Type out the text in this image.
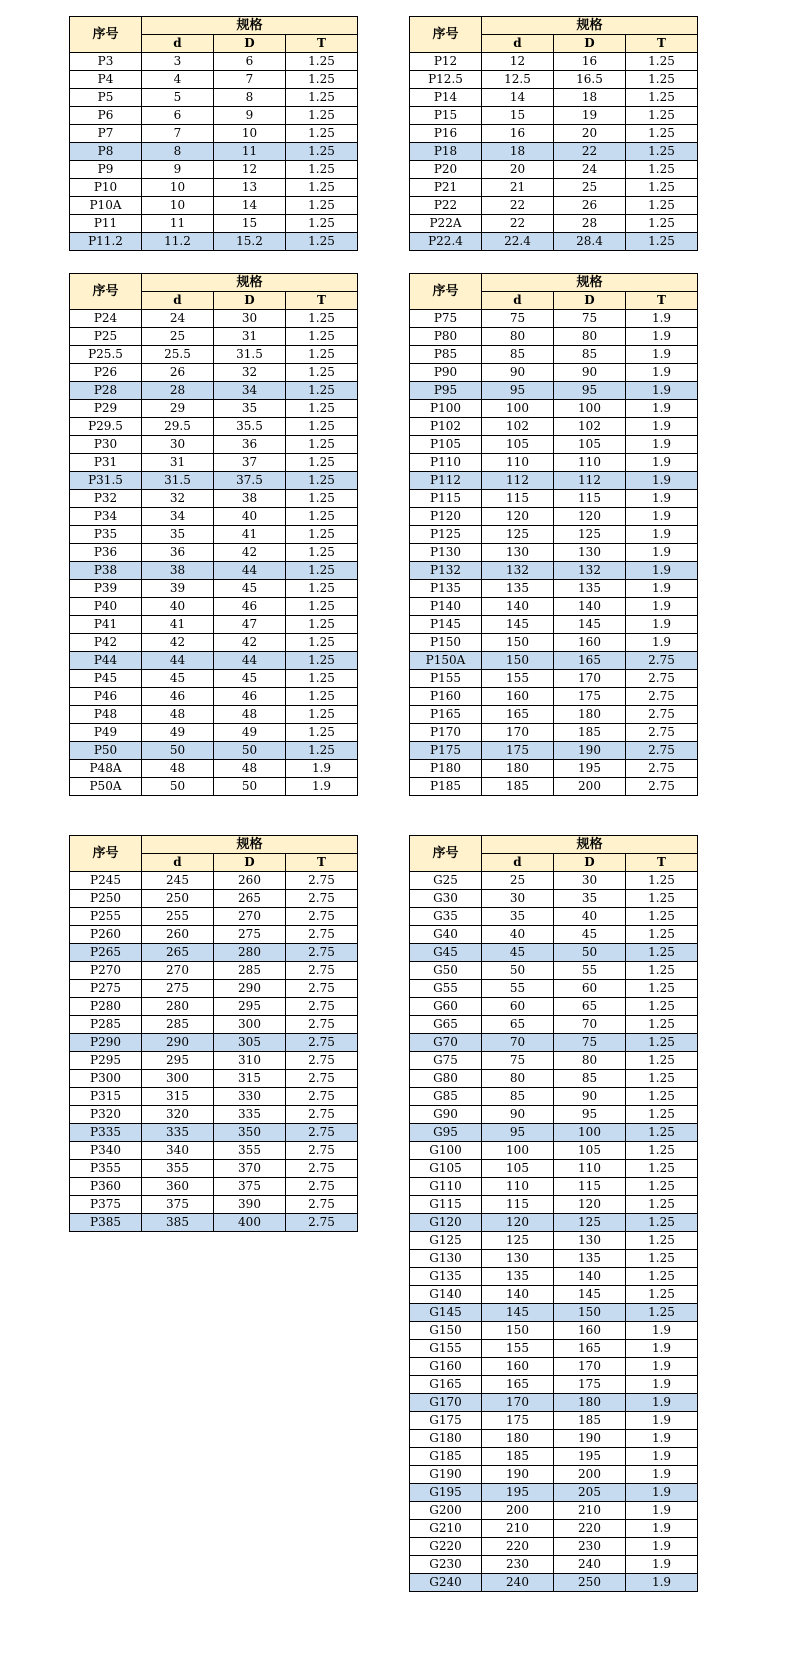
序号	规格		
	d	D	T
P3	3	6	1.25
P4	4	7	1.25
P5	5	8	1.25
P6	6	9	1.25
P7	7	10	1.25
P8	8	11	1.25
P9	9	12	1.25
P10	10	13	1.25
P10A	10	14	1.25
P11	11	15	1.25
P11.2	11.2	15.2	1.25
序号	规格		
	d	D	T
P12	12	16	1.25
P12.5	12.5	16.5	1.25
P14	14	18	1.25
P15	15	19	1.25
P16	16	20	1.25
P18	18	22	1.25
P20	20	24	1.25
P21	21	25	1.25
P22	22	26	1.25
P22A	22	28	1.25
P22.4	22.4	28.4	1.25
序号	规格		
	d	D	T
P24	24	30	1.25
P25	25	31	1.25
P25.5	25.5	31.5	1.25
P26	26	32	1.25
P28	28	34	1.25
P29	29	35	1.25
P29.5	29.5	35.5	1.25
P30	30	36	1.25
P31	31	37	1.25
P31.5	31.5	37.5	1.25
P32	32	38	1.25
P34	34	40	1.25
P35	35	41	1.25
P36	36	42	1.25
P38	38	44	1.25
P39	39	45	1.25
P40	40	46	1.25
P41	41	47	1.25
P42	42	42	1.25
P44	44	44	1.25
P45	45	45	1.25
P46	46	46	1.25
P48	48	48	1.25
P49	49	49	1.25
P50	50	50	1.25
P48A	48	48	1.9
P50A	50	50	1.9
序号	规格		
	d	D	T
P75	75	75	1.9
P80	80	80	1.9
P85	85	85	1.9
P90	90	90	1.9
P95	95	95	1.9
P100	100	100	1.9
P102	102	102	1.9
P105	105	105	1.9
P110	110	110	1.9
P112	112	112	1.9
P115	115	115	1.9
P120	120	120	1.9
P125	125	125	1.9
P130	130	130	1.9
P132	132	132	1.9
P135	135	135	1.9
P140	140	140	1.9
P145	145	145	1.9
P150	150	160	1.9
P150A	150	165	2.75
P155	155	170	2.75
P160	160	175	2.75
P165	165	180	2.75
P170	170	185	2.75
P175	175	190	2.75
P180	180	195	2.75
P185	185	200	2.75
序号	规格		
	d	D	T
P245	245	260	2.75
P250	250	265	2.75
P255	255	270	2.75
P260	260	275	2.75
P265	265	280	2.75
P270	270	285	2.75
P275	275	290	2.75
P280	280	295	2.75
P285	285	300	2.75
P290	290	305	2.75
P295	295	310	2.75
P300	300	315	2.75
P315	315	330	2.75
P320	320	335	2.75
P335	335	350	2.75
P340	340	355	2.75
P355	355	370	2.75
P360	360	375	2.75
P375	375	390	2.75
P385	385	400	2.75
序号	规格		
	d	D	T
G25	25	30	1.25
G30	30	35	1.25
G35	35	40	1.25
G40	40	45	1.25
G45	45	50	1.25
G50	50	55	1.25
G55	55	60	1.25
G60	60	65	1.25
G65	65	70	1.25
G70	70	75	1.25
G75	75	80	1.25
G80	80	85	1.25
G85	85	90	1.25
G90	90	95	1.25
G95	95	100	1.25
G100	100	105	1.25
G105	105	110	1.25
G110	110	115	1.25
G115	115	120	1.25
G120	120	125	1.25
G125	125	130	1.25
G130	130	135	1.25
G135	135	140	1.25
G140	140	145	1.25
G145	145	150	1.25
G150	150	160	1.9
G155	155	165	1.9
G160	160	170	1.9
G165	165	175	1.9
G170	170	180	1.9
G175	175	185	1.9
G180	180	190	1.9
G185	185	195	1.9
G190	190	200	1.9
G195	195	205	1.9
G200	200	210	1.9
G210	210	220	1.9
G220	220	230	1.9
G230	230	240	1.9
G240	240	250	1.9
